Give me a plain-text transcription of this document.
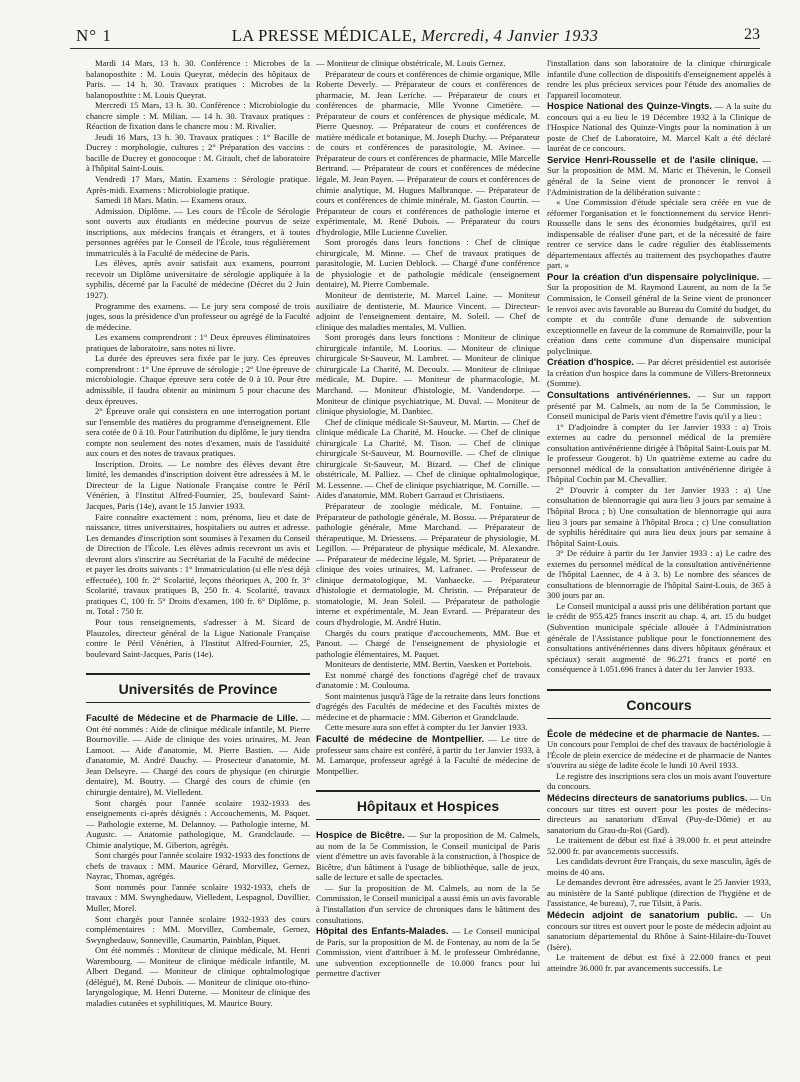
N° 1	LA PRESSE MÉDICALE, Mercredi, 4 Janvier 1933	23

Mardi 14 Mars, 13 h. 30. Conférence : Microbes de la balanoposthite : M. Louis Queyrat, médecin des hôpitaux de Paris. — 14 h. 30. Travaux pratiques : Microbes de la balanoposthite : M. Louis Queyrat.

Mercredi 15 Mars, 13 h. 30. Conférence : Microbiologie du chancre simple : M. Milian. — 14 h. 30. Travaux pratiques : Réaction de fixation dans le chancre mou : M. Rivalier.

Jeudi 16 Mars, 13 h. 30. Travaux pratiques : 1° Bacille de Ducrey : morphologie, cultures ; 2° Préparation des vaccins : bacille de Ducrey et gonocoque : M. Girault, chef de laboratoire à l'hôpital Saint-Louis.

Vendredi 17 Mars, Matin. Examens : Sérologie pratique. Après-midi. Examens : Microbiologie pratique.

Samedi 18 Mars. Matin. — Examens oraux.

Admission. Diplôme. — Les cours de l'École de Sérologie sont ouverts aux étudiants en médecine pourvus de seize inscriptions, aux médecins français et étrangers, et à toutes personnes agréées par le Conseil de l'École, tous régulièrement immatriculés à la Faculté de médecine de Paris.

Les élèves, après avoir satisfait aux examens, pourront recevoir un Diplôme universitaire de sérologie appliquée à la syphilis, décerné par la Faculté de médecine (Décret du 2 Juin 1927).

Programme des examens. — Le jury sera composé de trois juges, sous la présidence d'un professeur ou agrégé de la Faculté de médecine.

Les examens comprendront : 1° Deux épreuves éliminatoires pratiques de laboratoire, sans notes ni livre.

La durée des épreuves sera fixée par le jury. Ces épreuves comprendront : 1° Une épreuve de sérologie ; 2° Une épreuve de microbiologie. Chaque épreuve sera cotée de 0 à 10. Pour être admissible, il faudra obtenir au minimum 5 pour chacune des deux épreuves.

2° Épreuve orale qui consistera en une interrogation portant sur l'ensemble des matières du programme d'enseignement. Elle sera cotée de 0 à 10. Pour l'attribution du diplôme, le jury tiendra compte non seulement des notes d'examen, mais de l'assiduité aux cours et des notes de travaux pratiques.

Inscription. Droits. — Le nombre des élèves devant être limité, les demandes d'inscription doivent être adressées à M. le Directeur de la Ligue Nationale Française contre le Péril Vénérien, à l'Institut Alfred-Fournier, 25, boulevard Saint-Jacques, Paris (14e), avant le 15 Janvier 1933.

Faire connaître exactement : nom, prénoms, lieu et date de naissance, titres universitaires, hospitaliers ou autres et adresse. Les demandes d'inscription sont soumises à l'examen du Conseil de Direction de l'École. Les élèves admis recevront un avis et devront alors s'inscrire au Secrétariat de la Faculté de médecine et payer les droits suivants : 1° Immatriculation (si elle n'est déjà effectuée), 100 fr. 2° Scolarité, leçons théoriques A, 200 fr. 3° Scolarité, travaux pratiques B, 250 fr. 4. Scolarité, travaux pratiques C, 100 fr. 5° Droits d'examen, 100 fr. 6° Diplôme, p. m. Total : 750 fr.

Pour tous renseignements, s'adresser à M. Sicard de Plauzoles, directeur général de la Ligue Nationale Française contre le Péril Vénérien, à l'Institut Alfred-Fournier, 25, boulevard Saint-Jacques, Paris (14e).

Universités de Province

Faculté de Médecine et de Pharmacie de Lille. — Ont été nommés : Aide de clinique médicale infantile, M. Pierre Bournoville. — Aide de clinique des voies urinaires, M. Jean Lamoot. — Aide d'anatomie, M. Pierre Bastien. — Aide d'anatomie, M. André Dauchy. — Prosecteur d'anatomie, M. Jean Delseyre. — Chargé des cours de physique (en chirurgie dentaire), M. Boutry. — Chargé des cours de chimie (en chirurgie dentaire), M. Vielledent.

Sont chargés pour l'année scolaire 1932-1933 des enseignements ci-après désignés : Accouchements, M. Paquet. — Pathologie externe, M. Delannoy. — Pathologie interne, M. Augustc. — Anatomie pathologique, M. Grandclaude. — Chimie analytique, M. Giberton, agrégés.

Sont chargés pour l'année scolaire 1932-1933 des fonctions de chefs de travaux : MM. Maurice Gérard, Morvillez, Gernez, Nayrac, Thomas, agrégés.

Sont nommés pour l'année scolaire 1932-1933, chefs de travaux : MM. Swynghedauw, Vielledent, Lespagnol, Duvillier, Muller, Morel.

Sont chargés pour l'année scolaire 1932-1933 des cours complémentaires : MM. Morvillez, Combemale, Gernez, Swynghedauw, Sonneville, Caumartin, Painblan, Piquet.

Ont été nommés : Moniteur de clinique médicale, M. Henri Warembourg. — Moniteur de clinique médicale infantile, M. Albert Degand. — Moniteur de clinique ophtalmologique (délégué), M. René Dubois. — Moniteur de clinique oto-rhino-laryngologique, M. Henri Duterne. — Moniteur de clinique des maladies cutanées et syphilitiques, M. Maurice Boury.

— Moniteur de clinique obstétricale, M. Louis Gernez.

Préparateur de cours et conférences de chimie organique, Mlle Roberte Deverly. — Préparateur de cours et conférences de pharmacie, M. Jean Leriche. — Préparateur de cours et conférences de pharmacie, Mlle Yvonne Cimetière. — Préparateur de cours et conférences de physique médicale, M. Pierre Quesnoy. — Préparateur de cours et conférences de matière médicale et botanique, M. Joseph Duchy. — Préparateur de cours et conférences de parasitologie, M. Avinee. — Préparateur de cours et conférences de pharmacie, Mlle Marcelle Bertrand. — Préparateur de cours et conférences de médecine légale, M. Jean Payen. — Préparateur de cours et conférences de chimie analytique, M. Hugues Malbranque. — Préparateur de cours et conférences de chimie minérale, M. Gaston Courtin. — Préparateur de cours et conférences de pathologie interne et expérimentale, M. René Dubois. — Préparateur du cours d'hydrologie, Mlle Lucienne Cuvelier.

Sont prorogés dans leurs fonctions : Chef de clinique chirurgicale, M. Minne. — Chef de travaux pratiques de parasitologie, M. Lucien Deblock. — Chargé d'une conférence de physiologie et de pathologie médicale (enseignement dentaire), M. Pierre Combemale.

Moniteur de dentisterie, M. Marcel Laine. — Moniteur auxiliaire de dentisterie, M. Maurice Vincent. — Directeur-adjoint de l'enseignement dentaire, M. Soleil. — Chef de clinique des maladies mentales, M. Vullien.

Sont prorogés dans leurs fonctions : Moniteur de clinique chirurgicale infantile, M. Loorius. — Moniteur de clinique chirurgicale St-Sauveur, M. Lambret. — Moniteur de clinique chirurgicale La Charité, M. Decoulx. — Moniteur de clinique médicale, M. Dupire. — Moniteur de pharmacologie, M. Marchand. — Moniteur d'histologie, M. Vandendorpe. — Moniteur de clinique psychiatrique, M. Duval. — Moniteur de clinique physiologie, M. Danbiec.

Chef de clinique médicale St-Sauveur, M. Martin. — Chef de clinique médicale La Charité, M. Houcke. — Chef de clinique chirurgicale La Charité, M. Tison. — Chef de clinique chirurgicale St-Sauveur, M. Bournoville. — Chef de clinique chirurgicale St-Sauveur, M. Bizard. — Chef de clinique obstétricale, M. Palliez. — Chef de clinique ophtalmologique, M. Lessenne. — Chef de clinique psychiatrique, M. Cornille. — Aides d'anatomie, MM. Robert Garraud et Christiaens.

Préparateur de zoologie médicale, M. Fontaine. — Préparateur de pathologie générale, M. Bossu. — Préparateur de pathologie générale, Mme Marchand. — Préparateur de thérapeutique, M. Driessens. — Préparateur de physiologie, M. Legillon. — Préparateur de physique médicale, M. Alexandre. — Préparateur de médecine légale, M. Spriet. — Préparateur de clinique des voies urinaires, M. Lafranec. — Professeur de clinique dermatologique, M. Vanhaecke. — Préparateur d'histologie et dermatologie, M. Christin. — Préparateur de stomatologie, M. Jean Soleil. — Préparateur de pathologie interne et expérimentale, M. Jean Evrard. — Préparateur des cours d'hydrologie, M. André Hutin.

Chargés du cours pratique d'accouchements, MM. Bue et Panout. — Chargé de l'enseignement de physiologie et pathologie élémentaires, M. Paquet.

Moniteurs de dentisterie, MM. Bertin, Vaesken et Portebois.

Est nommé chargé des fonctions d'agrégé chef de travaux d'anatomie : M. Coulouma.

Sont maintenus jusqu'à l'âge de la retraite dans leurs fonctions d'agrégés des Facultés de médecine et des Facultés mixtes de médecine et de pharmacie : MM. Giberton et Grandclaude.

Cette mesure aura son effet à compter du 1er Janvier 1933.

Faculté de médecine de Montpellier. — Le titre de professeur sans chaire est conféré, à partir du 1er Janvier 1933, à M. Lamarque, professeur agrégé à la Faculté de médecine de Montpellier.

Hôpitaux et Hospices

Hospice de Bicêtre. — Sur la proposition de M. Calmels, au nom de la 5e Commission, le Conseil municipal de Paris vient d'émettre un avis favorable à la construction, à l'hospice de Bicêtre, d'un bâtiment à l'usage de bibliothèque, salle de jeux, salle de lecture et salle de spectacles.

— Sur la proposition de M. Calmels, au nom de la 5e Commission, le Conseil municipal a aussi émis un avis favorable à l'installation d'un service de chroniques dans le bâtiment des consultations.

Hôpital des Enfants-Malades. — Le Conseil municipal de Paris, sur la proposition de M. de Fontenay, au nom de la 5e Commission, vient d'attribuer à M. le professeur Ombrédanne, une subvention exceptionnelle de 10.000 francs pour lui permettre d'activer

l'installation dans son laboratoire de la clinique chirurgicale infantile d'une collection de dispositifs d'enseignement appelés à rendre les plus précieux services pour l'étude des anomalies de l'appareil locomoteur.

Hospice National des Quinze-Vingts. — A la suite du concours qui a eu lieu le 19 Décembre 1932 à la Clinique de l'Hospice National des Quinze-Vingts pour la nomination à un poste de Chef de Laboratoire, M. Marcel Kalt a été déclaré lauréat de ce concours.

Service Henri-Rousselle et de l'asile clinique. — Sur la proposition de MM. M. Maric et Thévenin, le Conseil général de la Seine vient de prononcer le renvoi à l'Administration de la délibération suivante :

« Une Commission d'étude spéciale sera créée en vue de réformer l'organisation et le fonctionnement du service Henri-Rousselle dans le sens des économies budgétaires, qu'il est indispensable de réaliser d'une part, et de la nécessité de faire rentrer ce service dans le cadre régulier des établissements départementaux affectés au traitement des psychopathes d'autre part. »

Pour la création d'un dispensaire polyclinique. — Sur la proposition de M. Raymond Laurent, au nom de la 5e Commission, le Conseil général de la Seine vient de prononcer le renvoi avec avis favorable au Bureau du Comité du budget, du compte et du contrôle d'une demande de subvention exceptionnelle en faveur de la commune de Romainville, pour la création dans cette commune d'un dispensaire municipal polyclinique.

Création d'hospice. — Par décret présidentiel est autorisée la création d'un hospice dans la commune de Villers-Bretonneux (Somme).

Consultations antivénériennes. — Sur un rapport présenté par M. Calmels, au nom de la 5e Commission, le Conseil municipal de Paris vient d'émettre l'avis qu'il y a lieu :

1° D'adjoindre à compter du 1er Janvier 1933 : a) Trois externes au cadre du personnel médical de la première consultation antivénérienne dirigée à l'hôpital Saint-Louis par M. le professeur Gougerot. b) Un quatrième externe au cadre du personnel médical de la consultation antivénérienne dirigée à l'hôpital Cochin par M. Chevallier.

2° D'ouvrir à compter du 1er Janvier 1933 : a) Une consultation de blennorragie qui aura lieu 3 jours par semaine à l'hôpital Broca ; b) Une consultation de blennorragie qui aura lieu 3 jours par semaine à l'hôpital Broca ; c) Une consultation de syphilis héréditaire qui aura lieu deux jours par semaine à l'hôpital Saint-Louis.

3° De réduire à partir du 1er Janvier 1933 : a) Le cadre des externes du personnel médical de la consultation antivénérienne de l'hôpital Laennec, de 4 à 3. b) Le nombre des séances de consultations de blennorragie de l'hôpital Saint-Louis, de 365 à 300 jours par an.

Le Conseil municipal a aussi pris une délibération portant que le crédit de 955.425 francs inscrit au chap. 4, art. 15 du budget (Subvention municipale spéciale allouée à l'Administration générale de l'Assistance publique pour le fonctionnement des consultations antivénériennes dans divers hôpitaux généraux et spéciaux) serait augmenté de 96.271 francs et porté en conséquence à 1.051.696 francs à dater du 1er Janvier 1933.

Concours

École de médecine et de pharmacie de Nantes. — Un concours pour l'emploi de chef des travaux de bactériologie à l'École de plein exercice de médecine et de pharmacie de Nantes s'ouvrira au siège de ladite école le lundi 10 Avril 1933.

Le registre des inscriptions sera clos un mois avant l'ouverture du concours.

Médecins directeurs de sanatoriums publics. — Un concours sur titres est ouvert pour les postes de médecins-directeurs au sanatorium d'Enval (Puy-de-Dôme) et au sanatorium du Grau-du-Roi (Gard).

Le traitement de début est fixé à 39.000 fr. et peut atteindre 52.000 fr. par avancements successifs.

Les candidats devront être Français, du sexe masculin, âgés de moins de 40 ans.

Le demandes devront être adressées, avant le 25 Janvier 1933, au ministère de la Santé publique (direction de l'hygiène et de l'assistance, 4e bureau), 7, rue Tilsitt, à Paris.

Médecin adjoint de sanatorium public. — Un concours sur titres est ouvert pour le poste de médecin adjoint au sanatorium départemental du Rhône à Saint-Hilaire-du-Touvet (Isère).

Le traitement de début est fixé à 22.000 francs et peut atteindre 36.000 fr. par avancements successifs. Le
